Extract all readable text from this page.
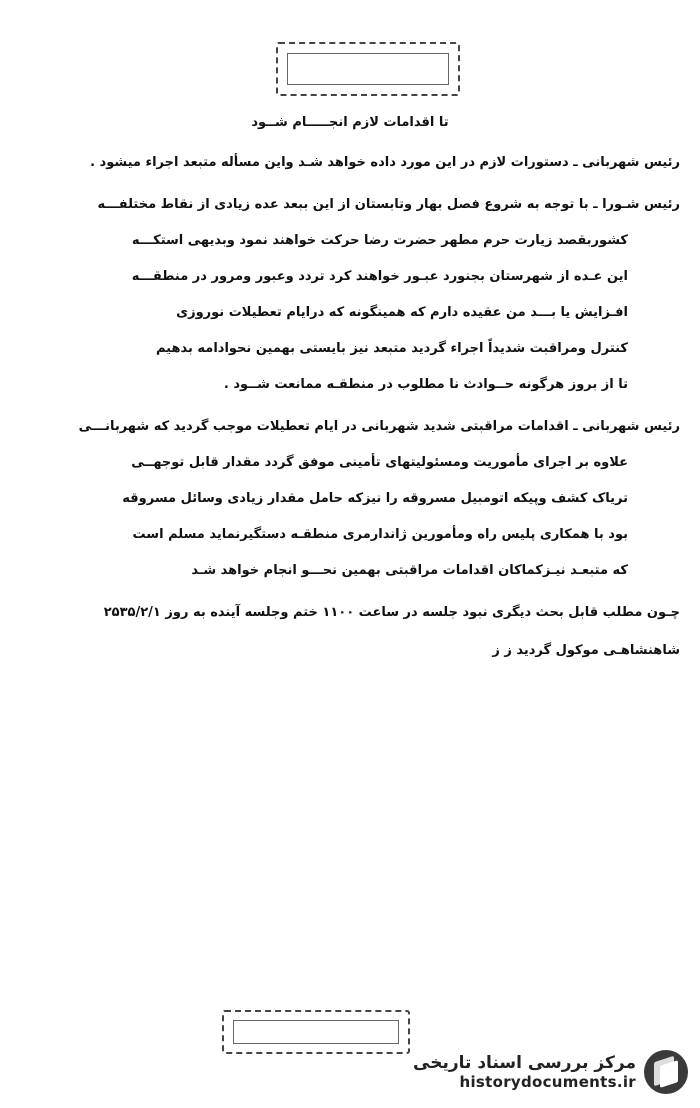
تا اقدامات لازم انجـــــام شــود
رئیس شهربانی ـ دستورات لازم در این مورد داده خواهد شـد واین مسأله متبعد اجراء میشود .
رئیس شـورا ـ با توجه به شروع فصل بهار وتابستان از این ببعد عده زیادی از نقاط مختلفـــه
کشوربقصد زیارت حرم مطهر حضرت رضا حرکت خواهند نمود وبدیهی استکـــه
این عـده از شهرستان بجنورد عبـور خواهند کرد تردد وعبور ومرور در منطقـــه
افـزایش یا بـــد من عقیده دارم که همینگونه که درایام تعطیلات نوروزی
کنترل ومراقبت شدیداً اجراء گردید متبعد نیز بایستی بهمین نحوادامه بدهیم
تا از بروز هرگونه حــوادث نا مطلوب در منطقـه ممانعت شــود .
رئیس شهربانی ـ اقدامات مراقبتی شدید شهربانی در ایام تعطیلات موجب گردید که شهربانـــی
علاوه بر اجرای مأموریت ومسئولیتهای تأمینی موفق گردد مقدار قابل توجهــی
تریاک کشف وپیکه اتومبیل مسروقه را نیزکه حامل مقدار زیادی وسائل مسروقه
بود با همکاری پلیس راه ومأمورین ژاندارمری منطقـه دستگیرنماید مسلم است
که متبعـد نیـزکماکان اقدامات مراقبتی بهمین نحـــو انجام خواهد شـد
چـون مطلب قابل بحث دیگری نبود جلسه در ساعت ۱۱۰۰ ختم وجلسه آینده به روز ۲۵۳۵/۲/۱
شاهنشاهـی موکول گردید ز ز
مرکز بررسی اسناد تاریخی
historydocuments.ir
